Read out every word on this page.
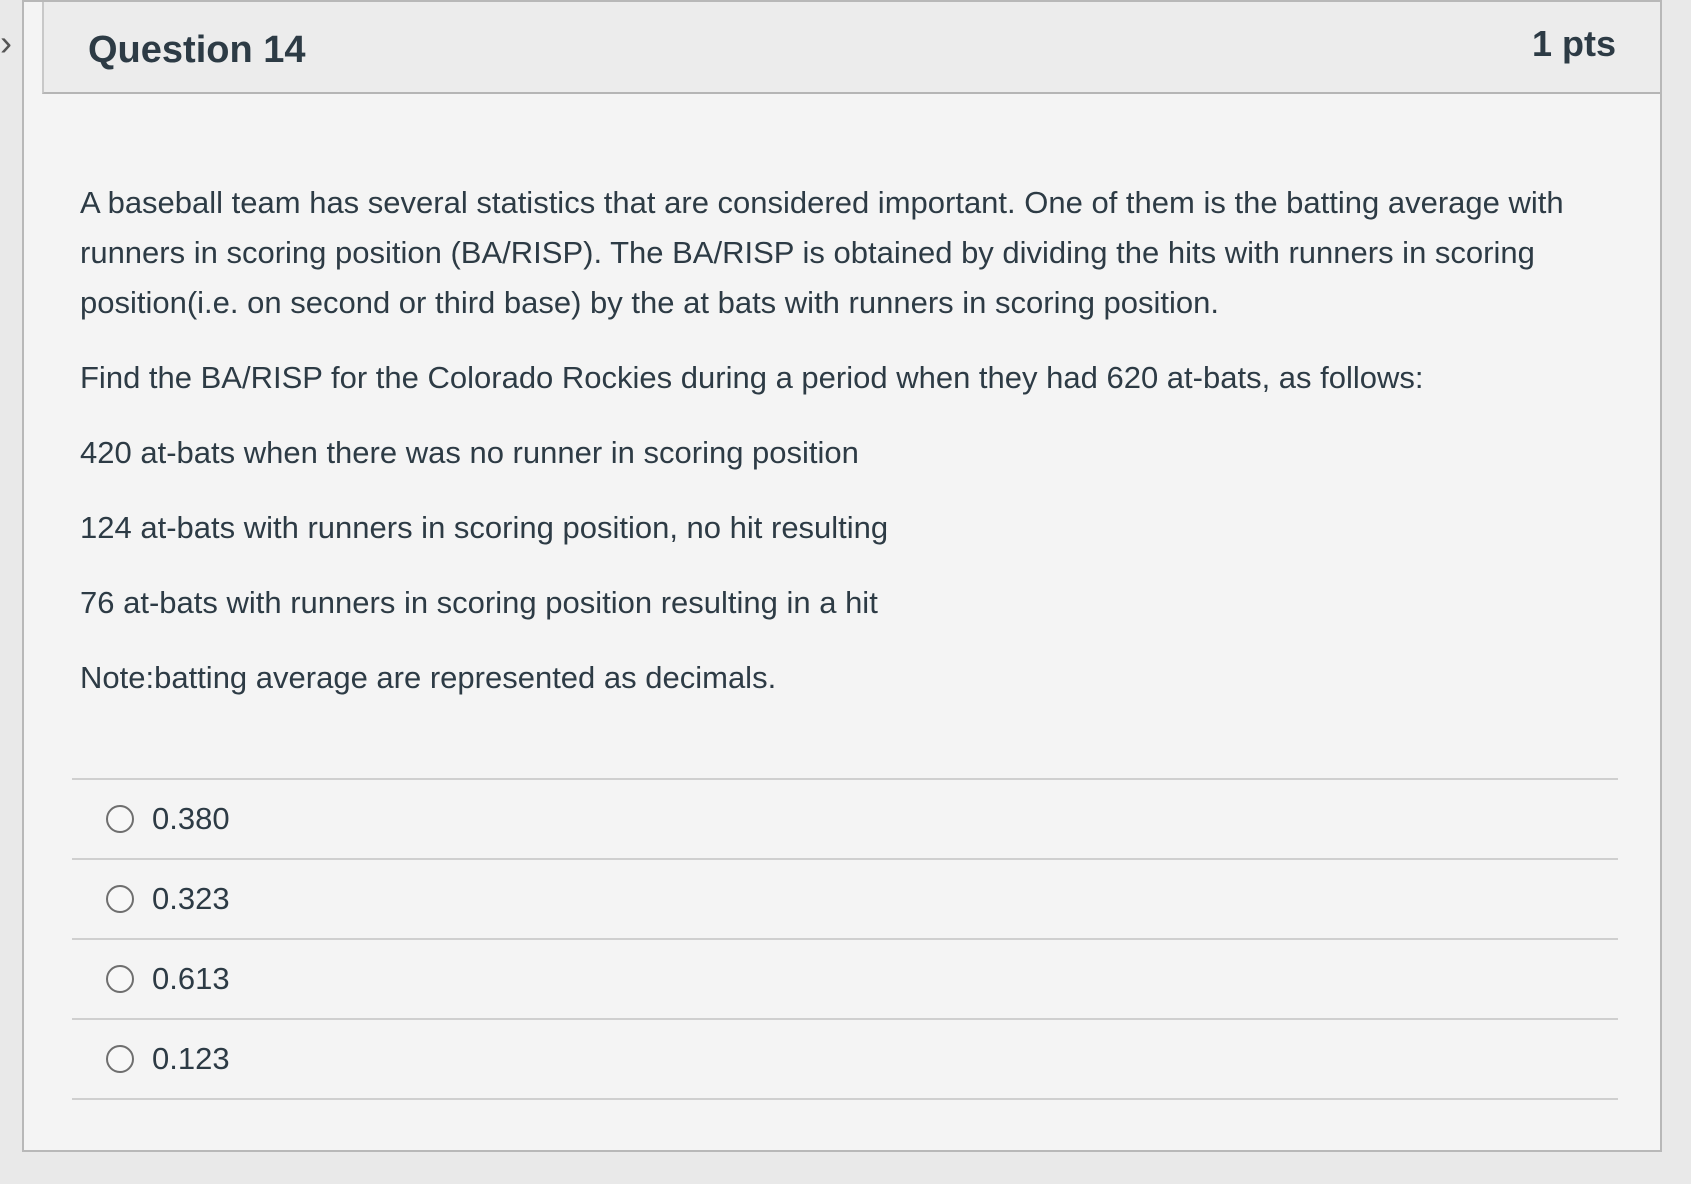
› Question 14	1 pts

A baseball team has several statistics that are considered important. One of them is the batting average with runners in scoring position (BA/RISP). The BA/RISP is obtained by dividing the hits with runners in scoring position(i.e. on second or third base) by the at bats with runners in scoring position.

Find the BA/RISP for the Colorado Rockies during a period when they had 620 at-bats, as follows:

420 at-bats when there was no runner in scoring position

124 at-bats with runners in scoring position, no hit resulting

76 at-bats with runners in scoring position resulting in a hit

Note:batting average are represented as decimals.

0.380
0.323
0.613
0.123
